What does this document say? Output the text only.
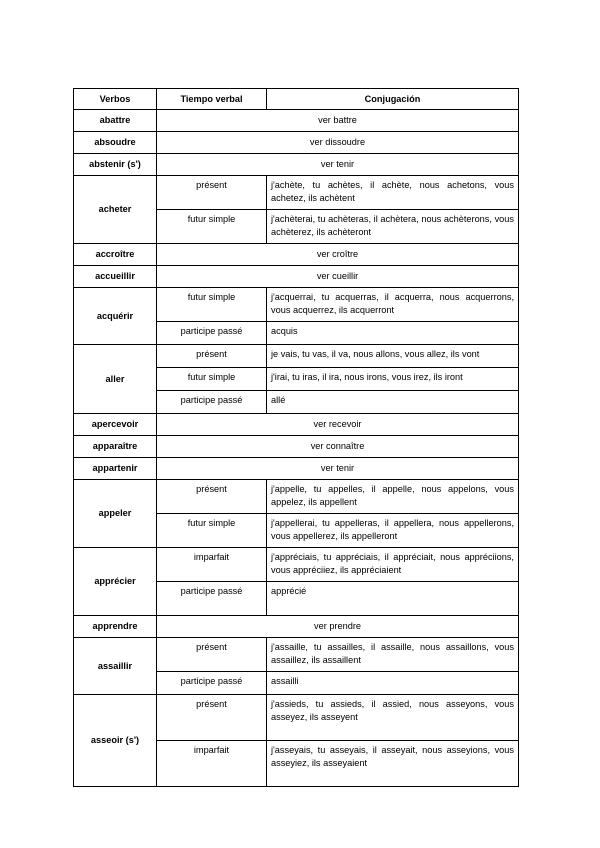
Verbos	Tiempo verbal	Conjugación
abattre	ver battre	
absoudre	ver dissoudre	
abstenir (s')	ver tenir	
acheter	présent	j'achète, tu achètes, il achète, nous achetons, vous achetez, ils achètent
	futur simple	j'achèterai, tu achèteras, il achètera, nous achèterons, vous achèterez, ils achèteront
accroître	ver croître	
accueillir	ver cueillir	
acquérir	futur simple	j'acquerrai, tu acquerras, il acquerra, nous acquerrons, vous acquerrez, ils acquerront
	participe passé	acquis
aller	présent	je vais, tu vas, il va, nous allons, vous allez, ils vont
	futur simple	j'irai, tu iras, il ira, nous irons, vous irez, ils iront
	participe passé	allé
apercevoir	ver recevoir	
apparaître	ver connaître	
appartenir	ver tenir	
appeler	présent	j'appelle, tu appelles, il appelle, nous appelons, vous appelez, ils appellent
	futur simple	j'appellerai, tu appelleras, il appellera, nous appellerons, vous appellerez, ils appelleront
apprécier	imparfait	j'appréciais, tu appréciais, il appréciait, nous appréciions, vous appréciiez, ils appréciaient
	participe passé	apprécié
apprendre	ver prendre	
assaillir	présent	j'assaille, tu assailles, il assaille, nous assaillons, vous assaillez, ils assaillent
	participe passé	assailli
asseoir (s')	présent	j'assieds, tu assieds, il assied, nous asseyons, vous asseyez, ils asseyent
	imparfait	j'asseyais, tu asseyais, il asseyait, nous asseyions, vous asseyiez, ils asseyaient
